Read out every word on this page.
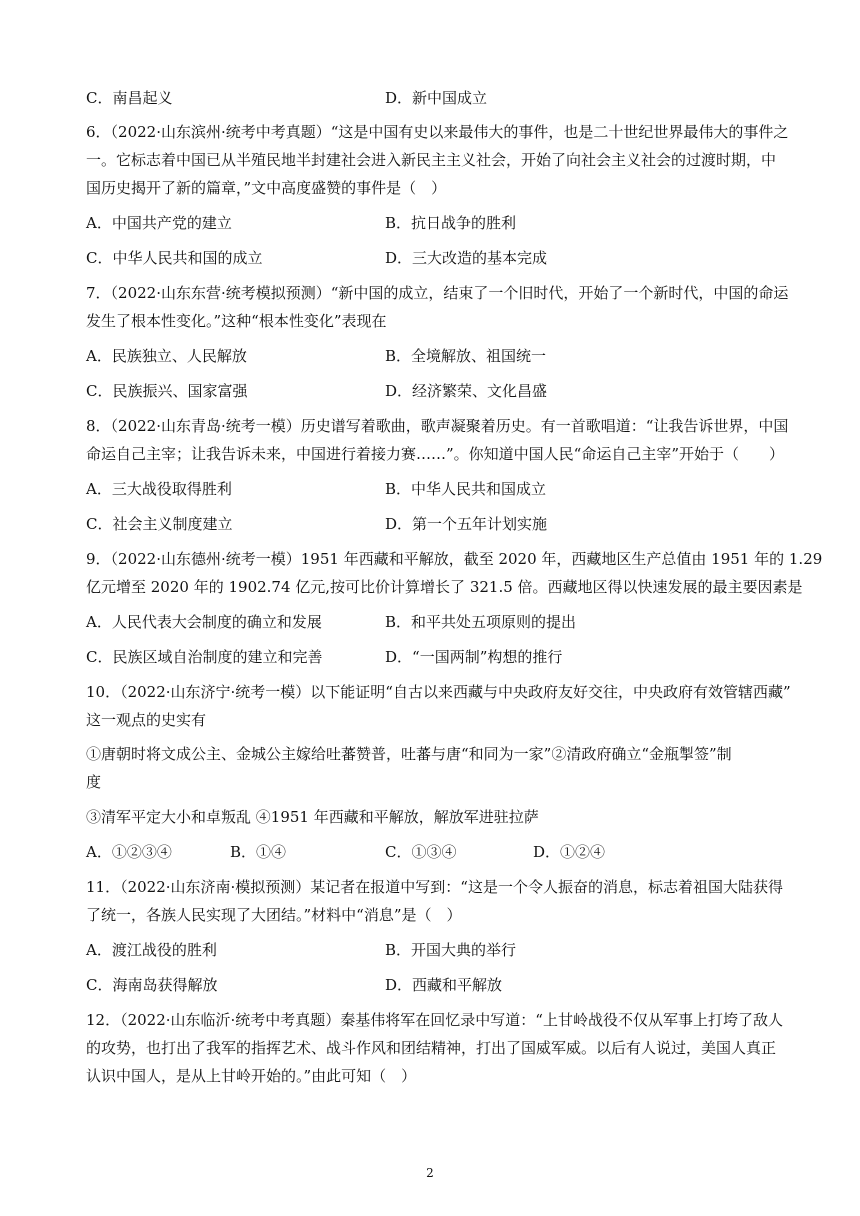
C．南昌起义	D．新中国成立
6．（2022·山东滨州·统考中考真题）“这是中国有史以来最伟大的事件，也是二十世纪世界最伟大的事件之
一。它标志着中国已从半殖民地半封建社会进入新民主主义社会，开始了向社会主义社会的过渡时期，中
国历史揭开了新的篇章，”文中高度盛赞的事件是（　）
A．中国共产党的建立	B．抗日战争的胜利
C．中华人民共和国的成立	D．三大改造的基本完成
7．（2022·山东东营·统考模拟预测）“新中国的成立，结束了一个旧时代，开始了一个新时代，中国的命运
发生了根本性变化。”这种“根本性变化”表现在
A．民族独立、人民解放	B．全境解放、祖国统一
C．民族振兴、国家富强	D．经济繁荣、文化昌盛
8．（2022·山东青岛·统考一模）历史谱写着歌曲，歌声凝聚着历史。有一首歌唱道：“让我告诉世界，中国
命运自己主宰；让我告诉未来，中国进行着接力赛……”。你知道中国人民“命运自己主宰”开始于（　　）
A．三大战役取得胜利	B．中华人民共和国成立
C．社会主义制度建立	D．第一个五年计划实施
9．（2022·山东德州·统考一模）1951 年西藏和平解放，截至 2020 年，西藏地区生产总值由 1951 年的 1.29
亿元增至 2020 年的 1902.74 亿元,按可比价计算增长了 321.5 倍。西藏地区得以快速发展的最主要因素是
A．人民代表大会制度的确立和发展	B．和平共处五项原则的提出
C．民族区域自治制度的建立和完善	D．“一国两制”构想的推行
10．（2022·山东济宁·统考一模）以下能证明“自古以来西藏与中央政府友好交往，中央政府有效管辖西藏”
这一观点的史实有
①唐朝时将文成公主、金城公主嫁给吐蕃赞普，吐蕃与唐“和同为一家”②清政府确立“金瓶掣签”制
度
③清军平定大小和卓叛乱 ④1951 年西藏和平解放，解放军进驻拉萨
A．①②③④	B．①④	C．①③④	D．①②④
11．（2022·山东济南·模拟预测）某记者在报道中写到：“这是一个令人振奋的消息，标志着祖国大陆获得
了统一，各族人民实现了大团结。”材料中“消息”是（　）
A．渡江战役的胜利	B．开国大典的举行
C．海南岛获得解放	D．西藏和平解放
12．（2022·山东临沂·统考中考真题）秦基伟将军在回忆录中写道：“上甘岭战役不仅从军事上打垮了敌人
的攻势，也打出了我军的指挥艺术、战斗作风和团结精神，打出了国威军威。以后有人说过，美国人真正
认识中国人，是从上甘岭开始的。”由此可知（　）
2
